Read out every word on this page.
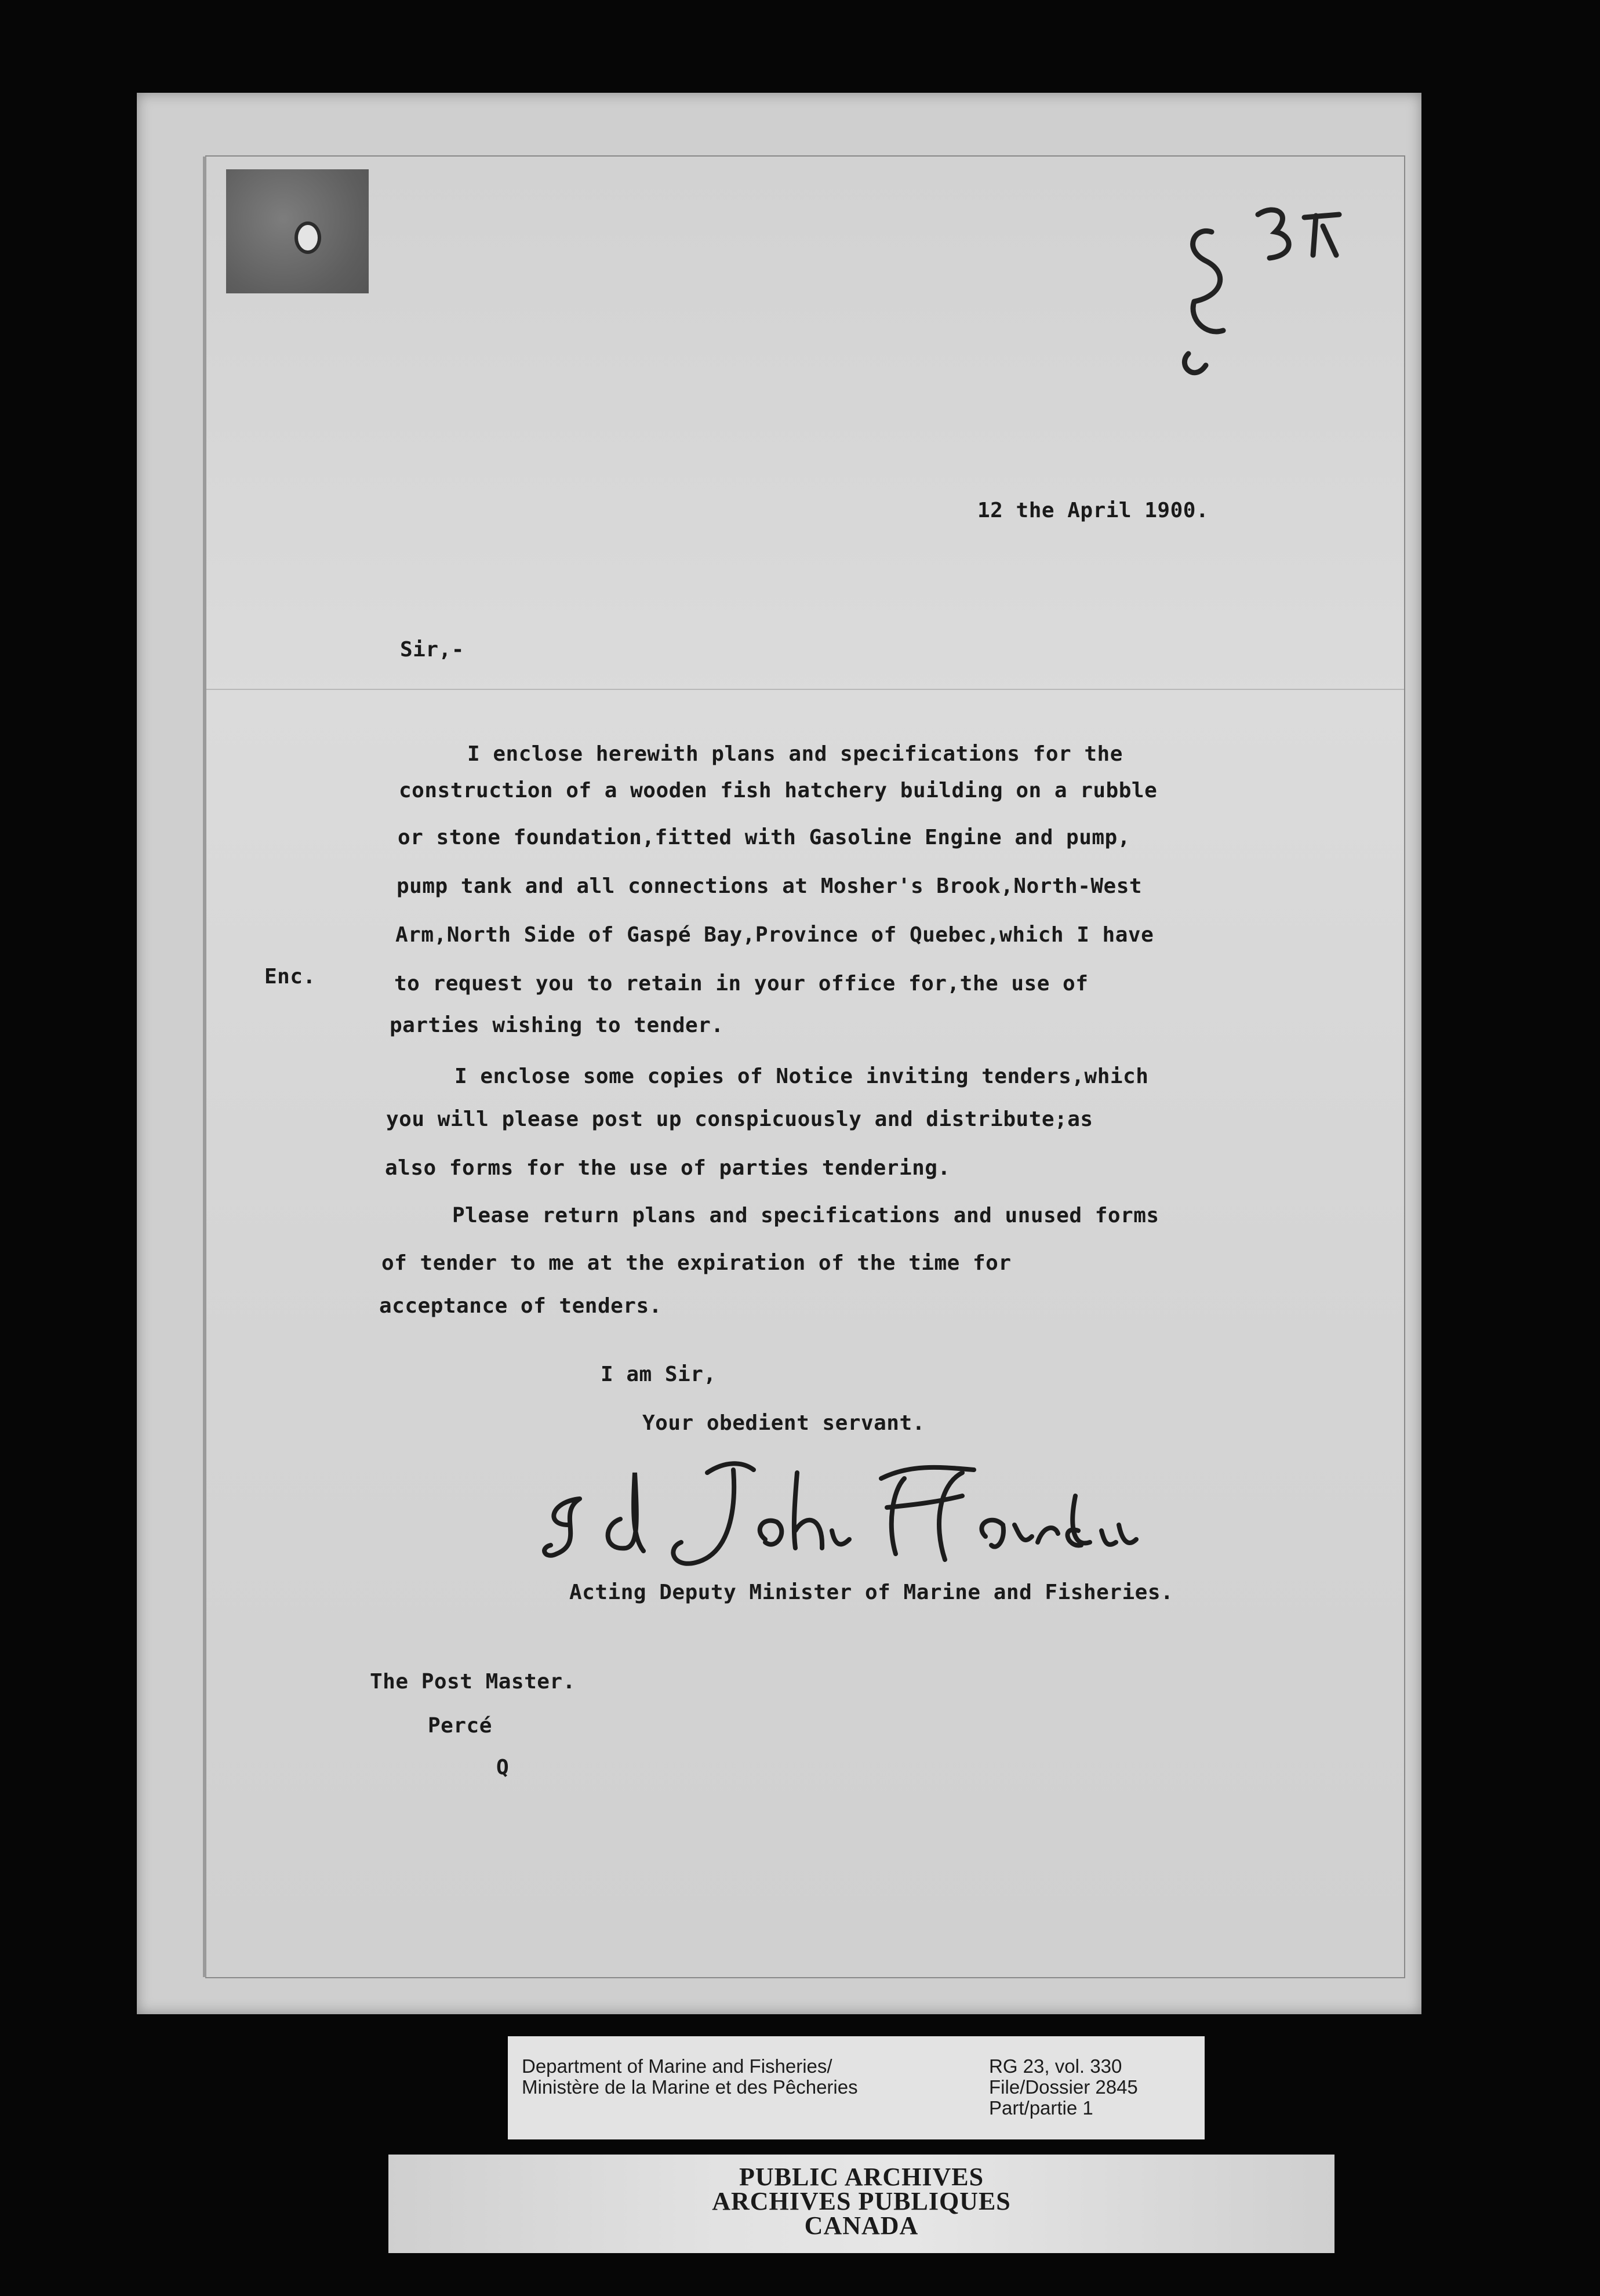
12 the April 1900.
Sir,-
I enclose herewith plans and specifications for the
construction of a wooden fish hatchery building on a rubble
or stone foundation,fitted with Gasoline Engine and pump,
pump tank and all connections at Mosher's Brook,North-West
Arm,North Side of Gaspé Bay,Province of Quebec,which I have
Enc.	to request you to retain in your office for,the use of
parties wishing to tender.
I enclose some copies of Notice inviting tenders,which
you will please post up conspicuously and distribute;as
also forms for the use of parties tendering.
Please return plans and specifications and unused forms
of tender to me at the expiration of the time for
acceptance of tenders.
I am Sir,
Your obedient servant.
Acting Deputy Minister of Marine and Fisheries.
The Post Master.
Percé
Q
Department of Marine and Fisheries/
Ministère de la Marine et des Pêcheries
RG 23, vol. 330
File/Dossier 2845
Part/partie 1
PUBLIC ARCHIVES
ARCHIVES PUBLIQUES
CANADA
